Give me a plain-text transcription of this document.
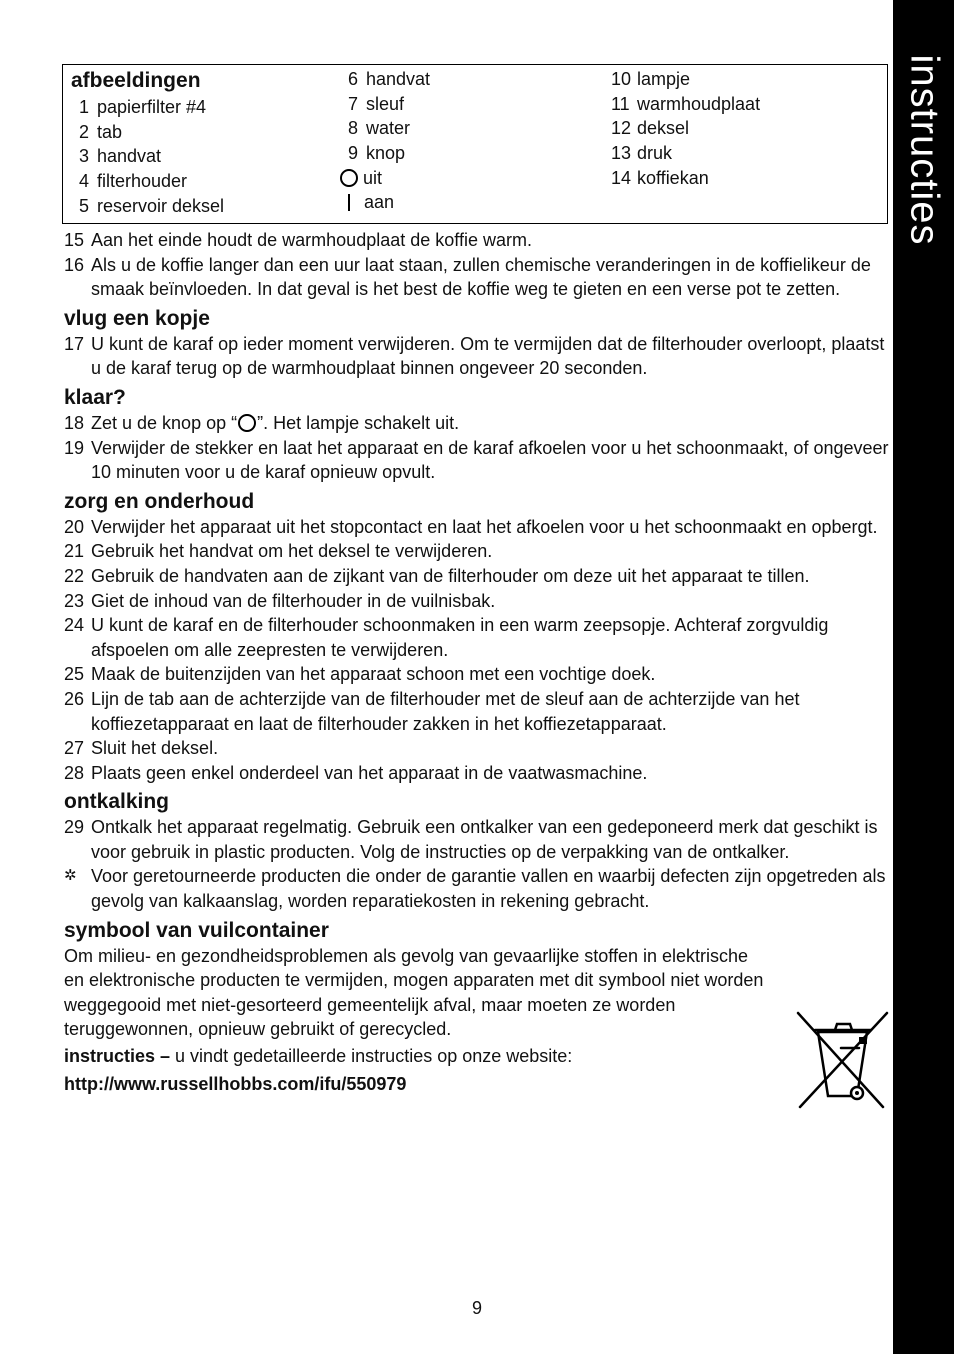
instructies
afbeeldingen
1 papierfilter #4
2 tab
3 handvat
4 filterhouder
5 reservoir deksel
6 handvat
7 sleuf
8 water
9 knop
uit
aan
10 lampje
11 warmhoudplaat
12 deksel
13 druk
14 koffiekan
15 Aan het einde houdt de warmhoudplaat de koffie warm.
16 Als u de koffie langer dan een uur laat staan, zullen chemische veranderingen in de koffielikeur de smaak beïnvloeden. In dat geval is het best de koffie weg te gieten en een verse pot te zetten.
vlug een kopje
17 U kunt de karaf op ieder moment verwijderen. Om te vermijden dat de filterhouder overloopt, plaatst u de karaf terug op de warmhoudplaat binnen ongeveer 20 seconden.
klaar?
18 Zet u de knop op “ ”. Het lampje schakelt uit.
19 Verwijder de stekker en laat het apparaat en de karaf afkoelen voor u het schoonmaakt, of ongeveer 10 minuten voor u de karaf opnieuw opvult.
zorg en onderhoud
20 Verwijder het apparaat uit het stopcontact en laat het afkoelen voor u het schoonmaakt en opbergt.
21 Gebruik het handvat om het deksel te verwijderen.
22 Gebruik de handvaten aan de zijkant van de filterhouder om deze uit het apparaat te tillen.
23 Giet de inhoud van de filterhouder in de vuilnisbak.
24 U kunt de karaf en de filterhouder schoonmaken in een warm zeepsopje. Achteraf zorgvuldig afspoelen om alle zeepresten te verwijderen.
25 Maak de buitenzijden van het apparaat schoon met een vochtige doek.
26 Lijn de tab aan de achterzijde van de filterhouder met de sleuf aan de achterzijde van het koffiezetapparaat en laat de filterhouder zakken in het koffiezetapparaat.
27 Sluit het deksel.
28 Plaats geen enkel onderdeel van het apparaat in de vaatwasmachine.
ontkalking
29 Ontkalk het apparaat regelmatig. Gebruik een ontkalker van een gedeponeerd merk dat geschikt is voor gebruik in plastic producten. Volg de instructies op de verpakking van de ontkalker.
✲ Voor geretourneerde producten die onder de garantie vallen en waarbij defecten zijn opgetreden als gevolg van kalkaanslag, worden reparatiekosten in rekening gebracht.
symbool van vuilcontainer
Om milieu- en gezondheidsproblemen als gevolg van gevaarlijke stoffen in elektrische en elektronische producten te vermijden, mogen apparaten met dit symbool niet worden weggegooid met niet-gesorteerd gemeentelijk afval, maar moeten ze worden teruggewonnen, opnieuw gebruikt of gerecycled.
instructies – u vindt gedetailleerde instructies op onze website:
http://www.russellhobbs.com/ifu/550979
9
